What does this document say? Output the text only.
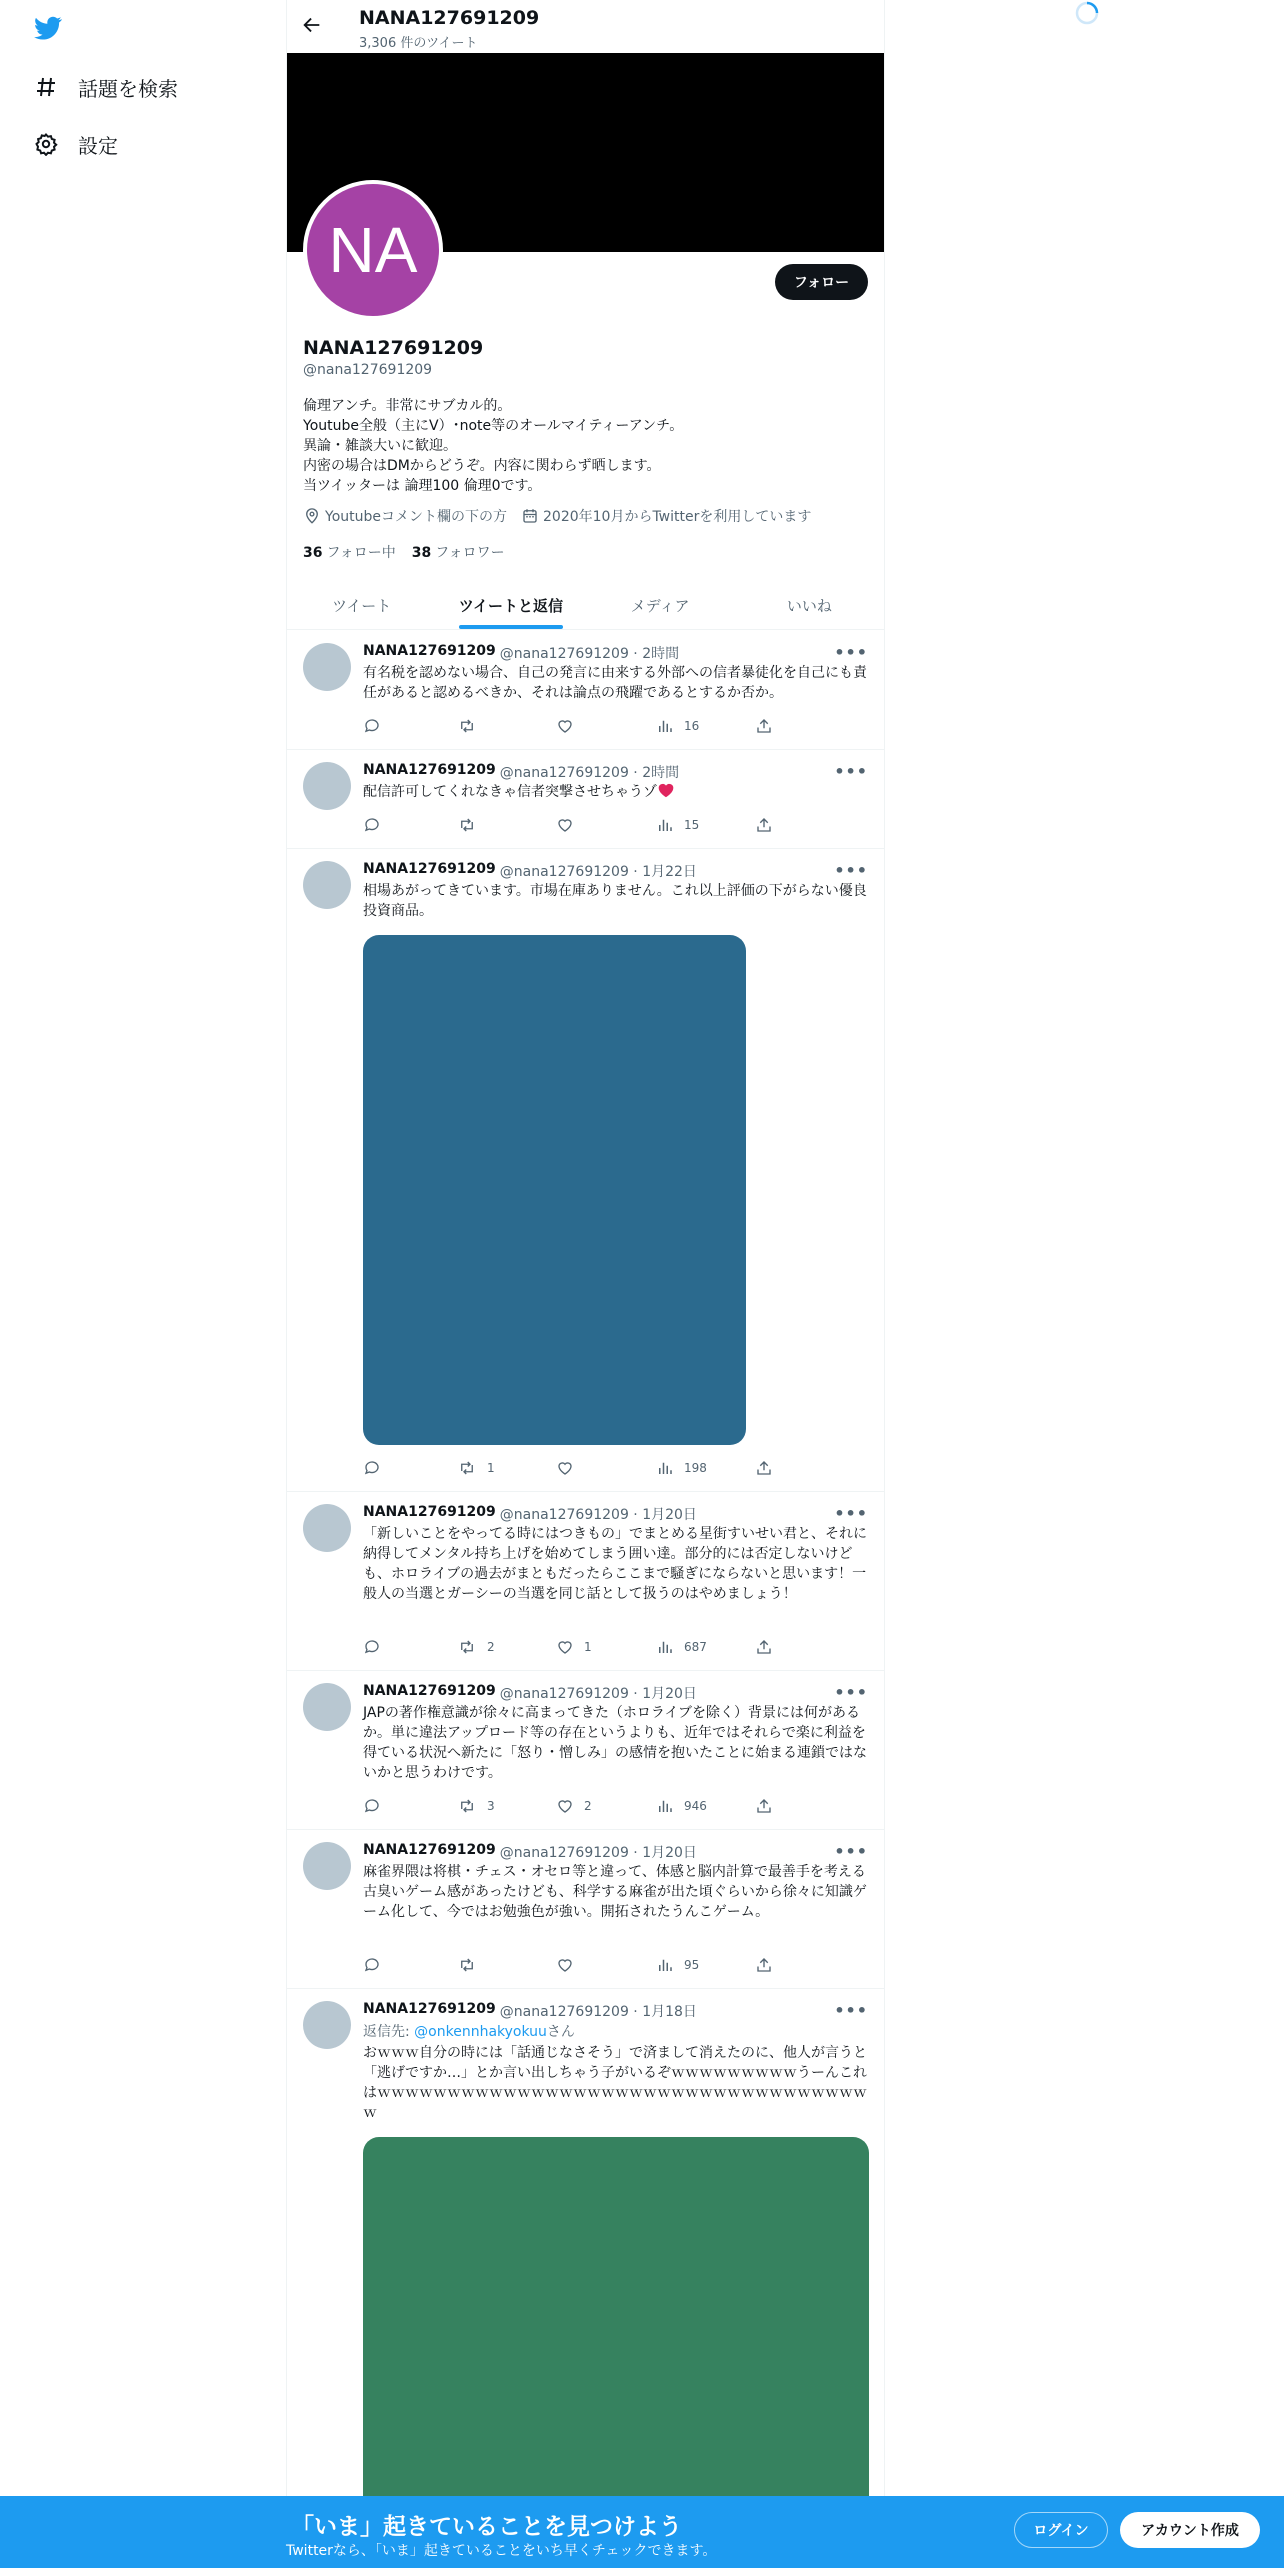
話題を検索
設定
NANA127691209
3,306 件のツイート
NA	フォロー
NANA127691209
@nana127691209
倫理アンチ。非常にサブカル的。
Youtube全般（主にV）･note等のオールマイティーアンチ。
異論・雑談大いに歓迎。
内密の場合はDMからどうぞ。内容に関わらず晒します。
当ツイッターは 論理100 倫理0です。
Youtubeコメント欄の下の方	2020年10月からTwitterを利用しています
36 フォロー中 38 フォロワー
ツイート	ツイートと返信	メディア	いいね
NANA127691209 @nana127691209 · 2時間	•••
有名税を認めない場合、自己の発言に由来する外部への信者暴徒化を自己にも責任があると認めるべきか、それは論点の飛躍であるとするか否か。
16
NANA127691209 @nana127691209 · 2時間	•••
配信許可してくれなきゃ信者突撃させちゃうゾ
15
NANA127691209 @nana127691209 · 1月22日	•••
相場あがってきています。市場在庫ありません。これ以上評価の下がらない優良投資商品。
1	198
NANA127691209 @nana127691209 · 1月20日	•••
「新しいことをやってる時にはつきもの」でまとめる星街すいせい君と、それに納得してメンタル持ち上げを始めてしまう囲い達。部分的には否定しないけども、ホロライブの過去がまともだったらここまで騒ぎにならないと思います！一般人の当選とガーシーの当選を同じ話として扱うのはやめましょう！
2	1	687
NANA127691209 @nana127691209 · 1月20日	•••
JAPの著作権意識が徐々に高まってきた（ホロライブを除く）背景には何があるか。単に違法アップロード等の存在というよりも、近年ではそれらで楽に利益を得ている状況へ新たに「怒り・憎しみ」の感情を抱いたことに始まる連鎖ではないかと思うわけです。
3	2	946
NANA127691209 @nana127691209 · 1月20日	•••
麻雀界隈は将棋・チェス・オセロ等と違って、体感と脳内計算で最善手を考える古臭いゲーム感があったけども、科学する麻雀が出た頃ぐらいから徐々に知識ゲーム化して、今ではお勉強色が強い。開拓されたうんこゲーム。
95
NANA127691209 @nana127691209 · 1月18日	•••
返信先: @onkennhakyokuuさん
おｗｗｗ自分の時には「話通じなさそう」で済まして消えたのに、他人が言うと「逃げですか…」とか言い出しちゃう子がいるぞｗｗｗｗｗｗｗｗｗうーんこれはｗｗｗｗｗｗｗｗｗｗｗｗｗｗｗｗｗｗｗｗｗｗｗｗｗｗｗｗｗｗｗｗｗｗｗｗ
「いま」起きていることを見つけよう
Twitterなら、「いま」起きていることをいち早くチェックできます。
ログイン	アカウント作成
